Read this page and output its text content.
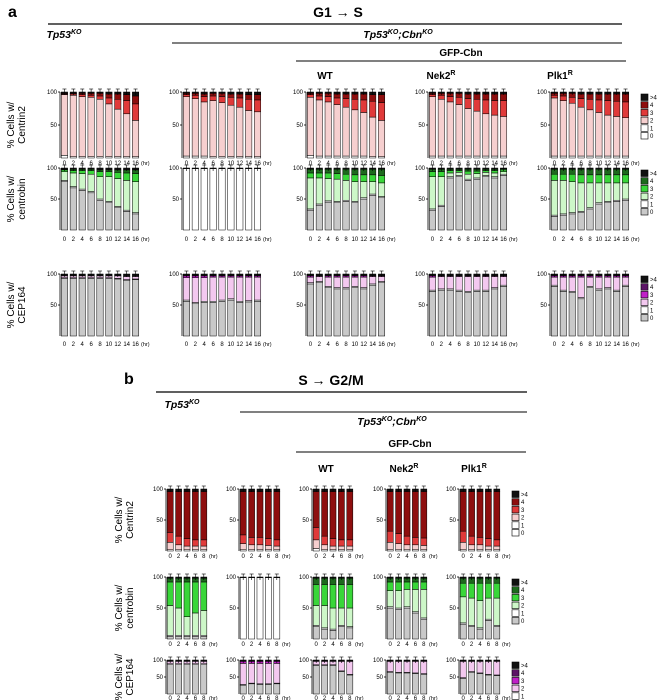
a	G1 → S
$Tp53^{KO}$	$Tp53^{KO};Cbn^{KO}$
GFP-Cbn
WT	$Nek2^R$	$Plk1^R$
b	S → G2/M
$Tp53^{KO}$
$Tp53^{KO};Cbn^{KO}$
GFP-Cbn
WT	$Nek2^R$	$Plk1^R$
% Cells w/Centrin2	50
100
0 2 4 6 8 10 12 14 16 (hr)
50
100
0 2 4 6 8 10 12 14 16 (hr)
50
100
0 2 4 6 8 10 12 14 16 (hr)
50
100
0 2 4 6 8 10 12 14 16 (hr)
50
100
0 2 4 6 8 10 12 14 16 (hr)
>4
4
3
2
1
0
% Cells w/centrobin	50
100
0 2 4 6 8 10 12 14 16 (hr)
50
100
0 2 4 6 8 10 12 14 16 (hr)
50
100
0 2 4 6 8 10 12 14 16 (hr)
50
100
0 2 4 6 8 10 12 14 16 (hr)
50
100
0 2 4 6 8 10 12 14 16 (hr)
>4
4
3
2
1
0
% Cells w/CEP164	50
100
0 2 4 6 8 10 12 14 16 (hr)
50
100
0 2 4 6 8 10 12 14 16 (hr)
50
100
0 2 4 6 8 10 12 14 16 (hr)
50
100
0 2 4 6 8 10 12 14 16 (hr)
50
100
0 2 4 6 8 10 12 14 16 (hr)
>4
4
3
2
1
0
% Cells w/Centrin2	50
100
0 2 4 6 8 (hr)
50
100
0 2 4 6 8 (hr)
50
100
0 2 4 6 8 (hr)
50
100
0 2 4 6 8 (hr)
50
100
0 2 4 6 8 (hr)
>4
4
3
2
1
0
% Cells w/centrobin	50
100
0 2 4 6 8 (hr)
50
100
0 2 4 6 8 (hr)
50
100
0 2 4 6 8 (hr)
50
100
0 2 4 6 8 (hr)
50
100
0 2 4 6 8 (hr)
>4
4
3
2
1
0
% Cells w/CEP164	50
100
0 2 4 6 8 (hr)
50
100
0 2 4 6 8 (hr)
50
100
0 2 4 6 8 (hr)
50
100
0 2 4 6 8 (hr)
50
100
0 2 4 6 8 (hr)
>4
4
3
2
1
